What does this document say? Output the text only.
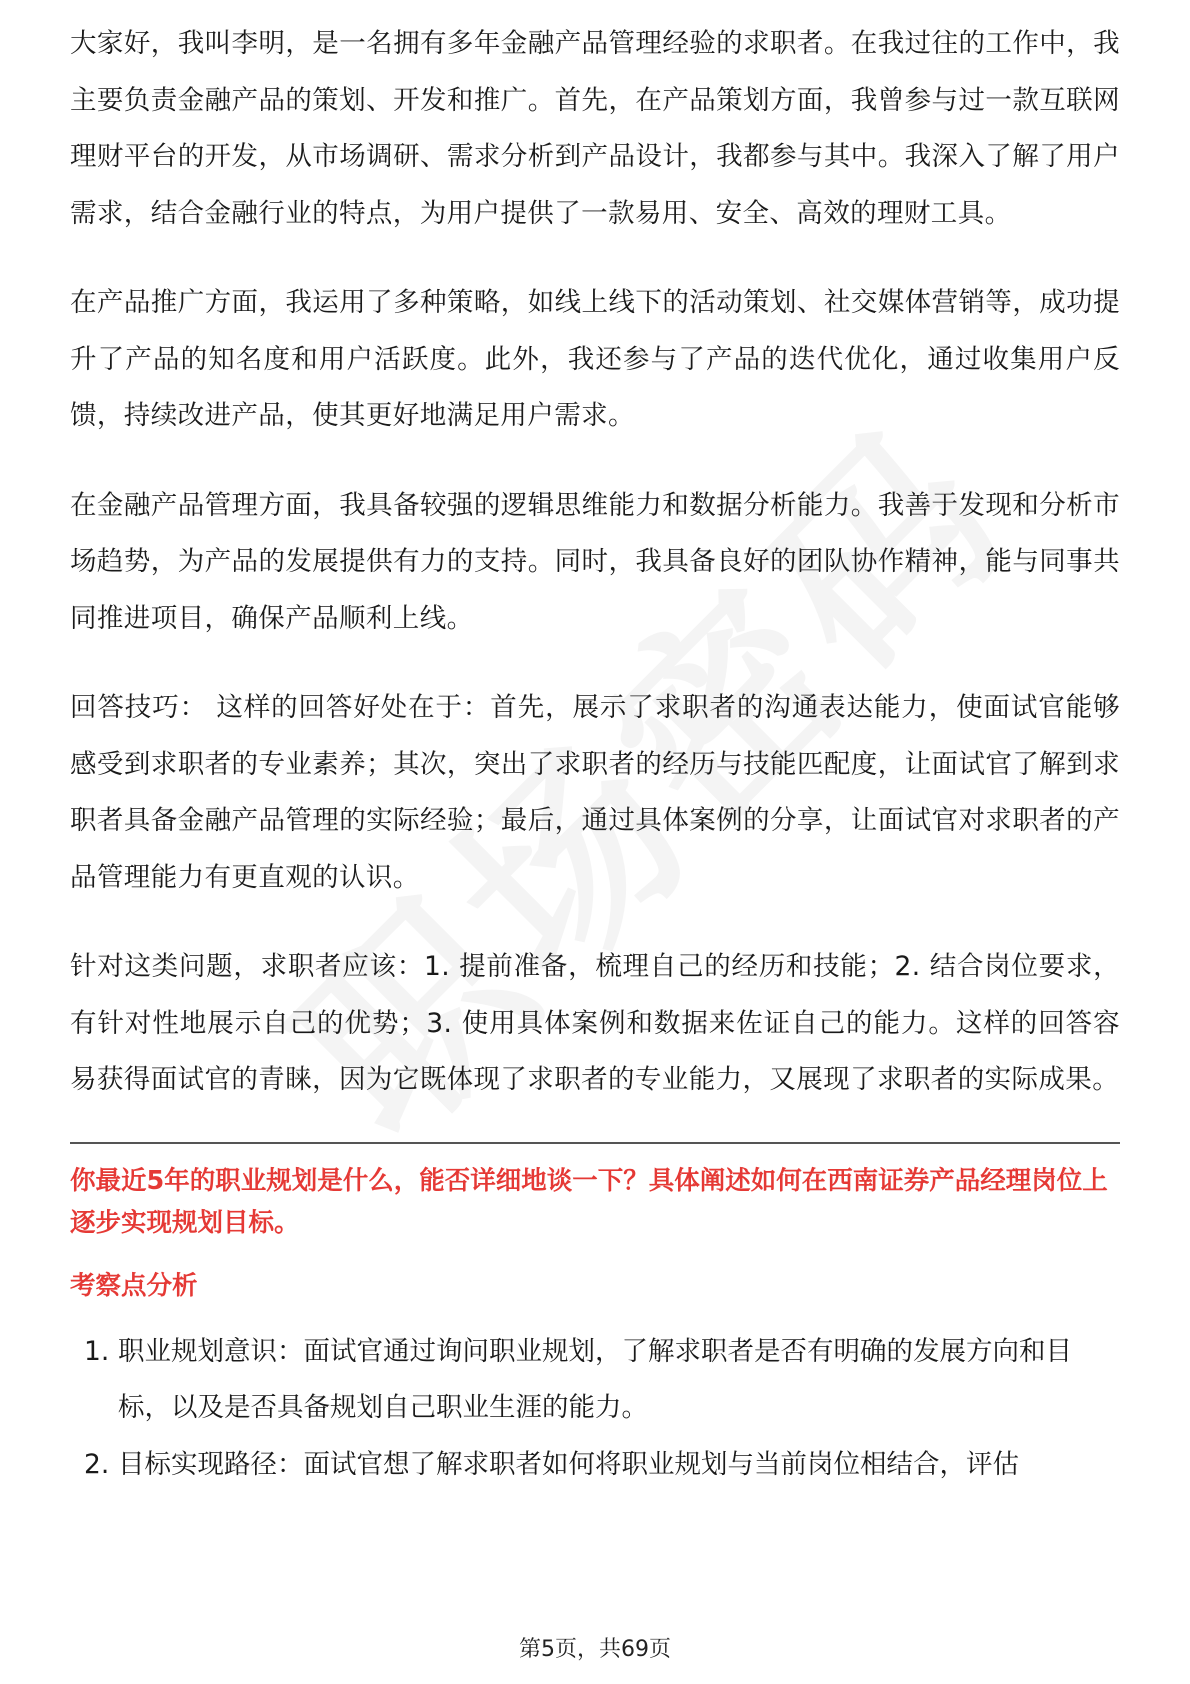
大家好，我叫李明，是一名拥有多年金融产品管理经验的求职者。在我过往的工作中，我主要负责金融产品的策划、开发和推广。首先，在产品策划方面，我曾参与过一款互联网理财平台的开发，从市场调研、需求分析到产品设计，我都参与其中。我深入了解了用户需求，结合金融行业的特点，为用户提供了一款易用、安全、高效的理财工具。

在产品推广方面，我运用了多种策略，如线上线下的活动策划、社交媒体营销等，成功提升了产品的知名度和用户活跃度。此外，我还参与了产品的迭代优化，通过收集用户反馈，持续改进产品，使其更好地满足用户需求。

在金融产品管理方面，我具备较强的逻辑思维能力和数据分析能力。我善于发现和分析市场趋势，为产品的发展提供有力的支持。同时，我具备良好的团队协作精神，能与同事共同推进项目，确保产品顺利上线。

回答技巧： 这样的回答好处在于：首先，展示了求职者的沟通表达能力，使面试官能够感受到求职者的专业素养；其次，突出了求职者的经历与技能匹配度，让面试官了解到求职者具备金融产品管理的实际经验；最后，通过具体案例的分享，让面试官对求职者的产品管理能力有更直观的认识。

针对这类问题，求职者应该：1. 提前准备，梳理自己的经历和技能；2. 结合岗位要求，有针对性地展示自己的优势；3. 使用具体案例和数据来佐证自己的能力。这样的回答容易获得面试官的青睐，因为它既体现了求职者的专业能力，又展现了求职者的实际成果。

你最近5年的职业规划是什么，能否详细地谈一下？具体阐述如何在西南证券产品经理岗位上逐步实现规划目标。
考察点分析
1. 职业规划意识：面试官通过询问职业规划，了解求职者是否有明确的发展方向和目标，以及是否具备规划自己职业生涯的能力。
2. 目标实现路径：面试官想了解求职者如何将职业规划与当前岗位相结合，评估
第5页，共69页
